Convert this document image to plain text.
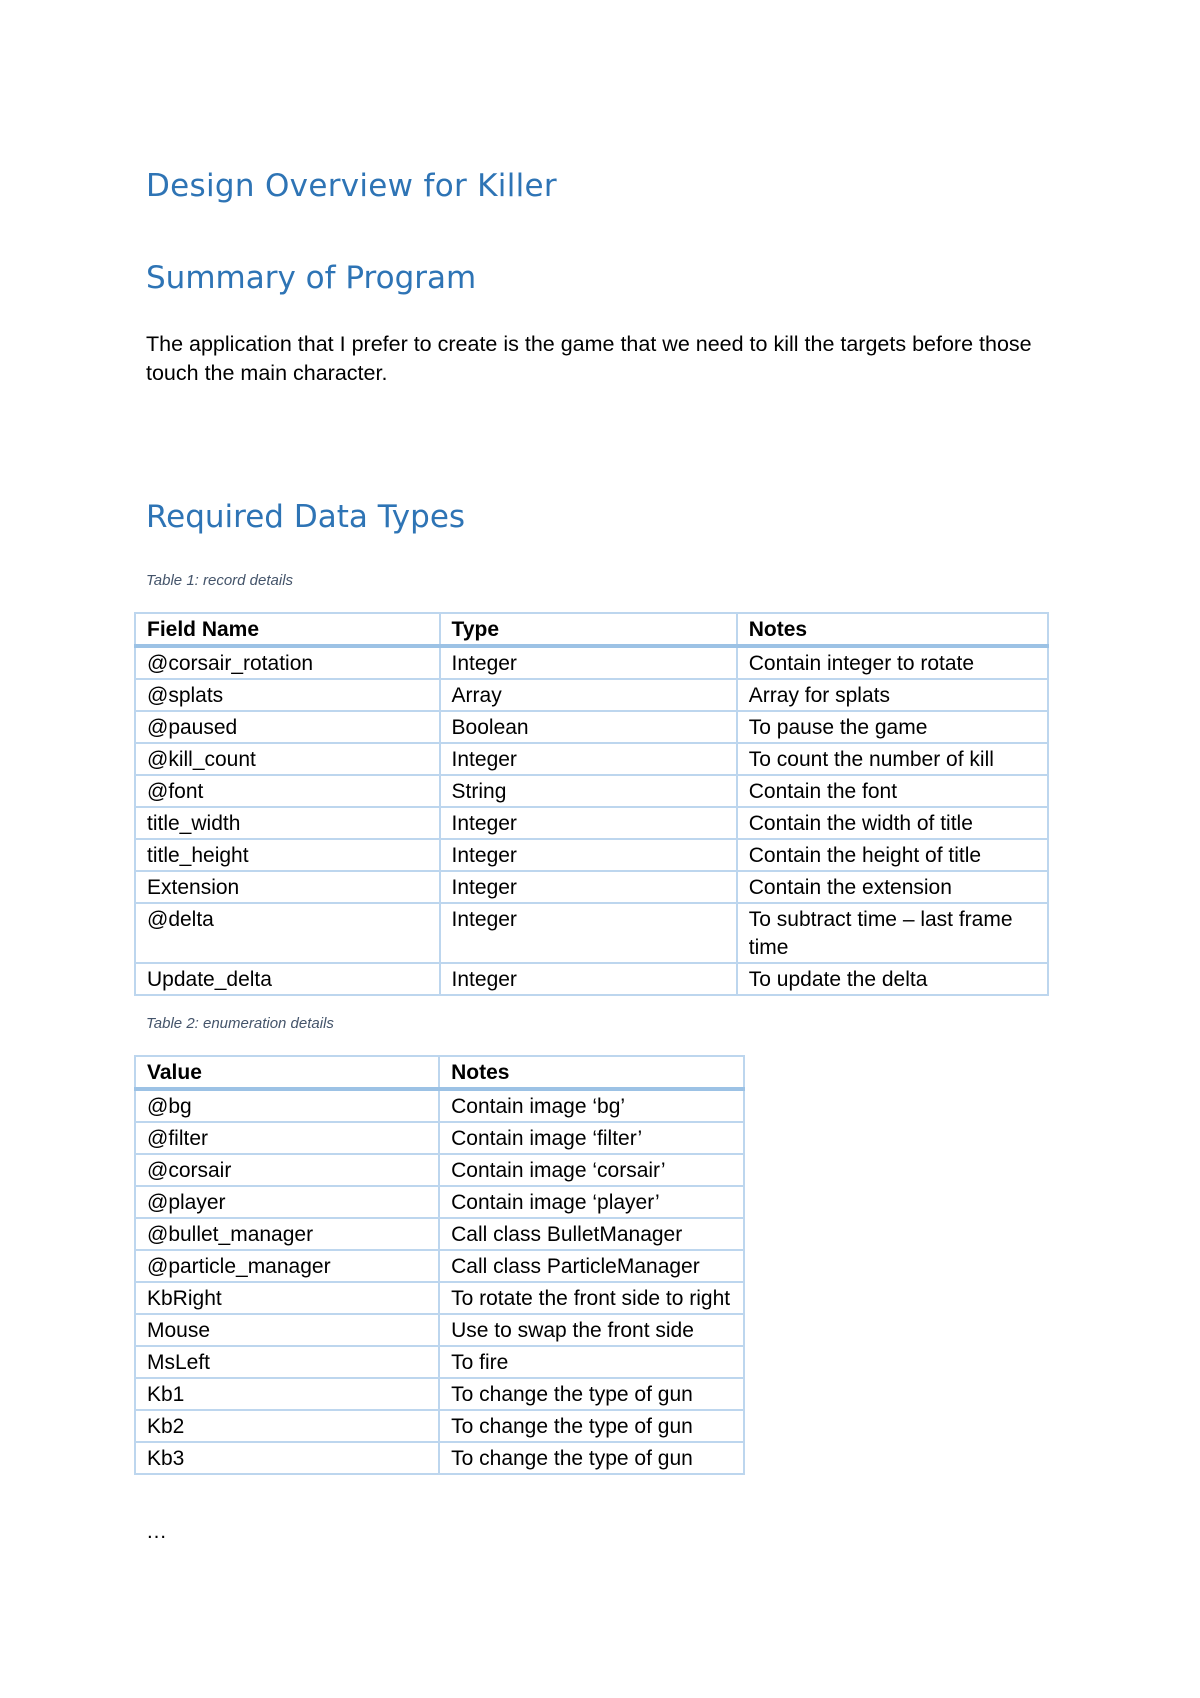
Design Overview for Killer
Summary of Program

The application that I prefer to create is the game that we need to kill the targets before those touch the main character.

Required Data Types

Table 1: record details

Field Name	Type	Notes
@corsair_rotation	Integer	Contain integer to rotate
@splats	Array	Array for splats
@paused	Boolean	To pause the game
@kill_count	Integer	To count the number of kill
@font	String	Contain the font
title_width	Integer	Contain the width of title
title_height	Integer	Contain the height of title
Extension	Integer	Contain the extension
@delta	Integer	To subtract time – last frame time
Update_delta	Integer	To update the delta

Table 2: enumeration details

Value	Notes
@bg	Contain image ‘bg’
@filter	Contain image ‘filter’
@corsair	Contain image ‘corsair’
@player	Contain image ‘player’
@bullet_manager	Call class BulletManager
@particle_manager	Call class ParticleManager
KbRight	To rotate the front side to right
Mouse	Use to swap the front side
MsLeft	To fire
Kb1	To change the type of gun
Kb2	To change the type of gun
Kb3	To change the type of gun

…
